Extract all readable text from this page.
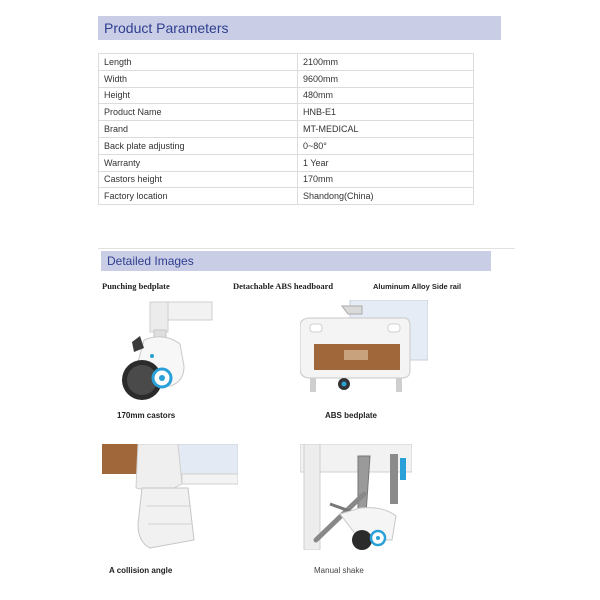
Product Parameters
Length	2100mm
Width	9600mm
Height	480mm
Product Name	HNB-E1
Brand	MT-MEDICAL
Back plate adjusting	0~80°
Warranty	1 Year
Castors height	170mm
Factory location	Shandong(China)
Detailed Images
Punching bedplate	Detachable ABS headboard	Aluminum Alloy Side rail
170mm castors	ABS bedplate
A collision angle	Manual shake
